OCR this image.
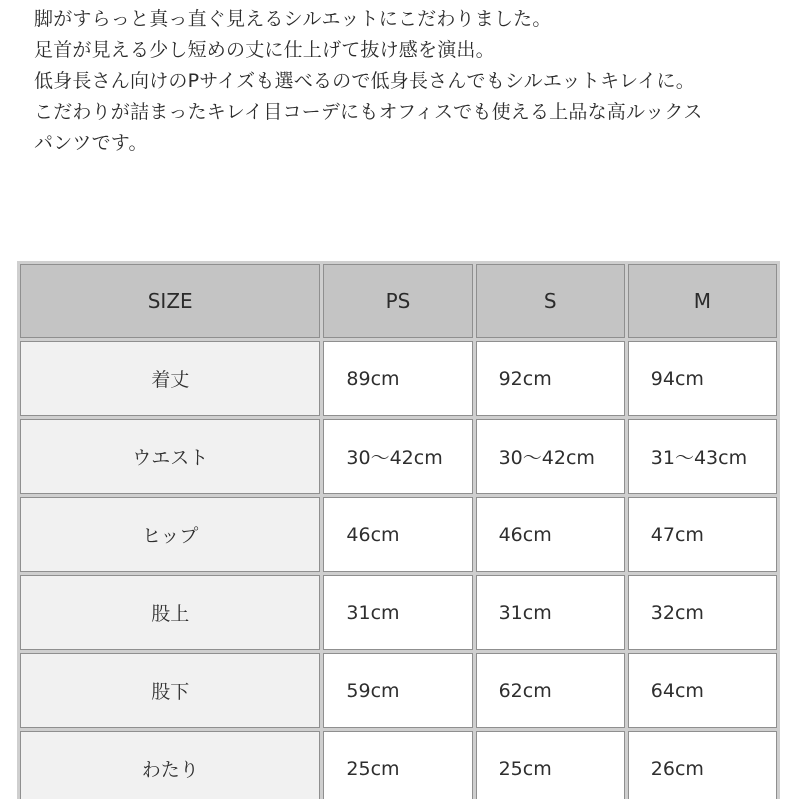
脚がすらっと真っ直ぐ見えるシルエットにこだわりました。
足首が見える少し短めの丈に仕上げて抜け感を演出。
低身長さん向けのPサイズも選べるので低身長さんでもシルエットキレイに。
こだわりが詰まったキレイ目コーデにもオフィスでも使える上品な高ルックス
パンツです。
SIZE	PS	S	M
着丈	89cm	92cm	94cm
ウエスト	30～42cm	30～42cm	31～43cm
ヒップ	46cm	46cm	47cm
股上	31cm	31cm	32cm
股下	59cm	62cm	64cm
わたり	25cm	25cm	26cm
